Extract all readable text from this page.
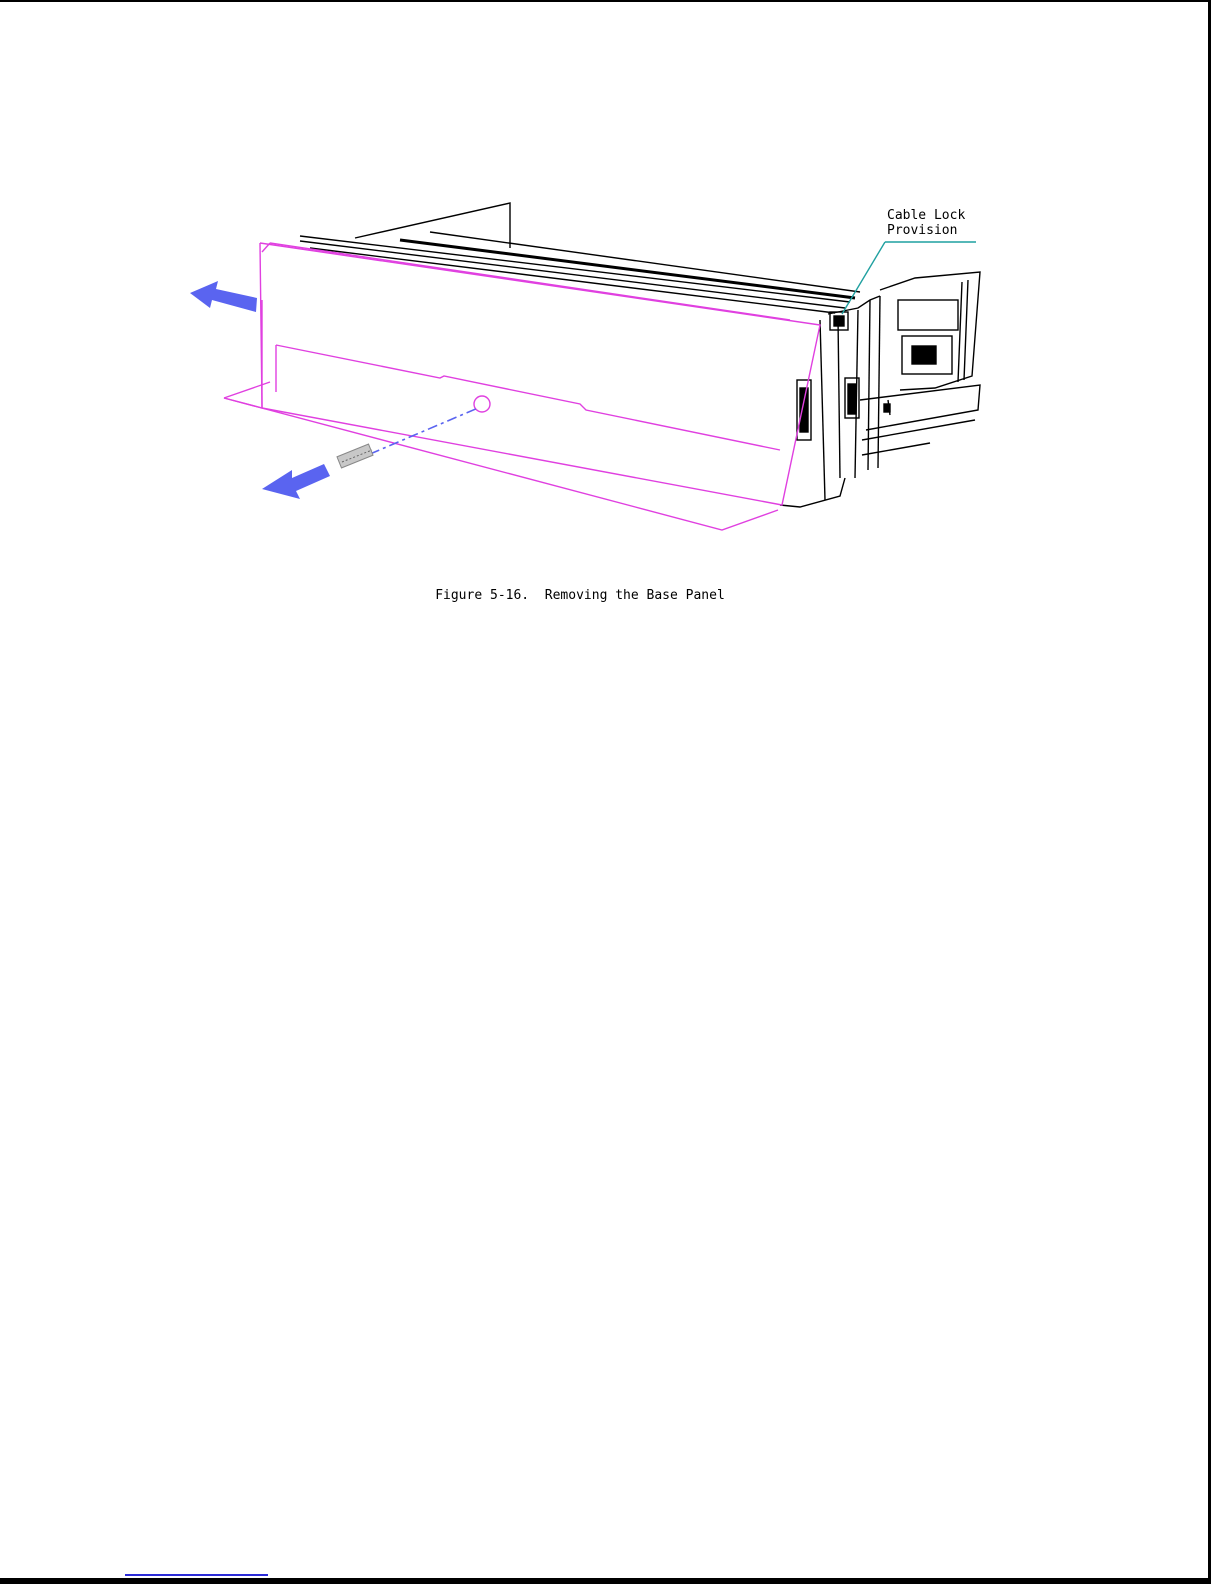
Cable Lock
Provision
Figure 5-16.  Removing the Base Panel
